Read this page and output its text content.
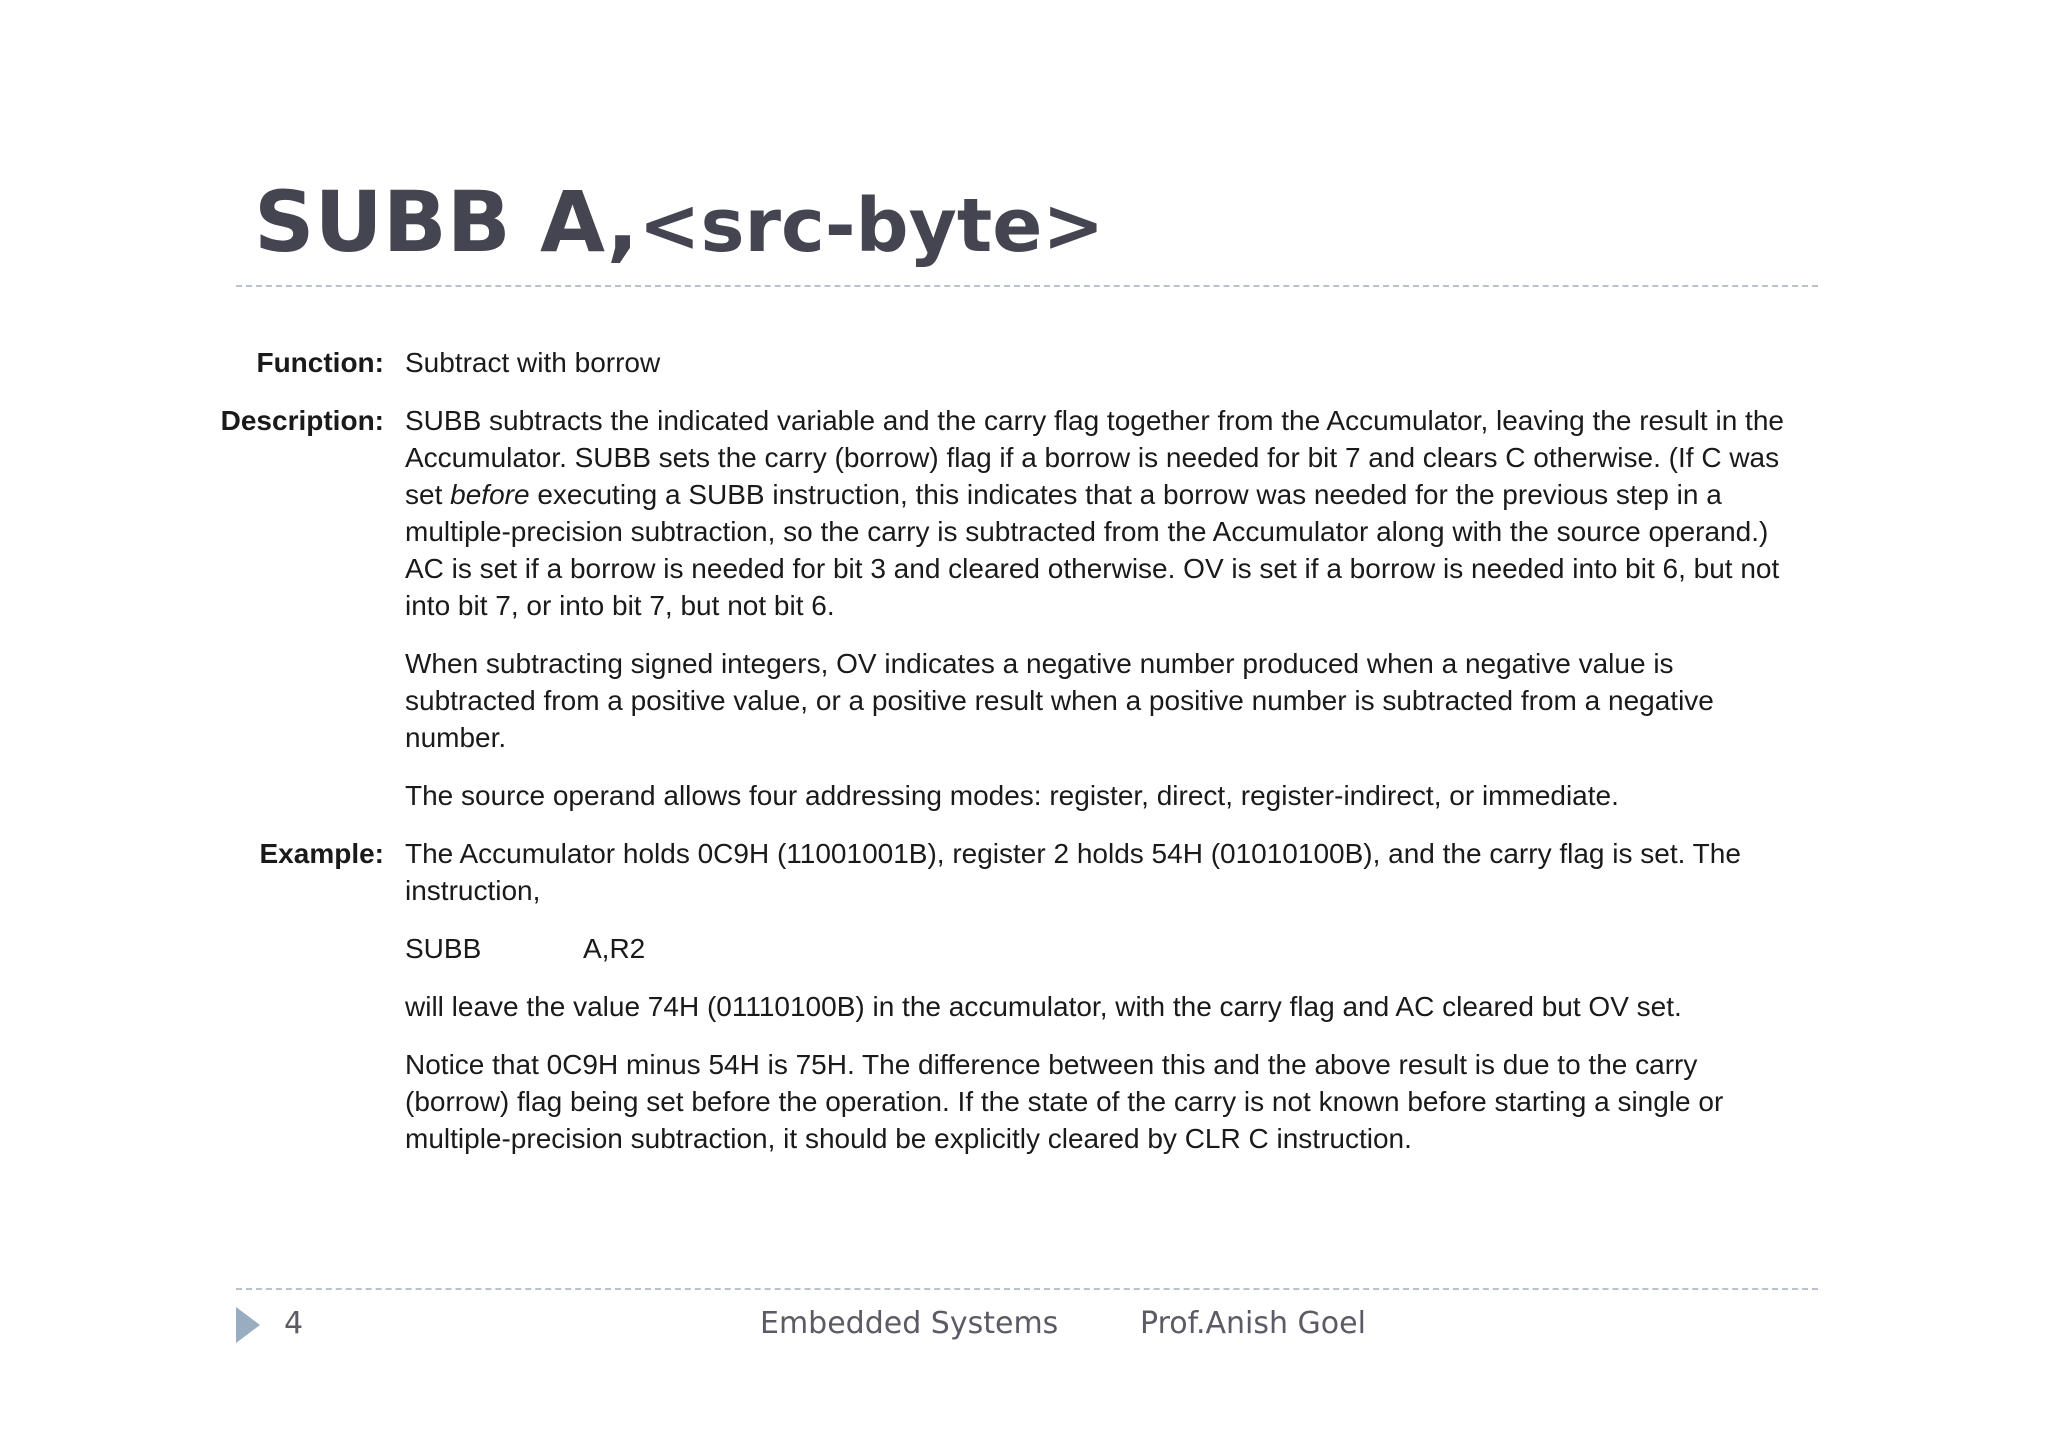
SUBB A,<src-byte>
Function: Subtract with borrow

Description: SUBB subtracts the indicated variable and the carry flag together from the Accumulator, leaving the result in the
Accumulator. SUBB sets the carry (borrow) flag if a borrow is needed for bit 7 and clears C otherwise. (If C was
set before executing a SUBB instruction, this indicates that a borrow was needed for the previous step in a
multiple-precision subtraction, so the carry is subtracted from the Accumulator along with the source operand.)
AC is set if a borrow is needed for bit 3 and cleared otherwise. OV is set if a borrow is needed into bit 6, but not
into bit 7, or into bit 7, but not bit 6.

When subtracting signed integers, OV indicates a negative number produced when a negative value is
subtracted from a positive value, or a positive result when a positive number is subtracted from a negative
number.

The source operand allows four addressing modes: register, direct, register-indirect, or immediate.

Example: The Accumulator holds 0C9H (11001001B), register 2 holds 54H (01010100B), and the carry flag is set. The
instruction,

SUBB	A,R2

will leave the value 74H (01110100B) in the accumulator, with the carry flag and AC cleared but OV set.

Notice that 0C9H minus 54H is 75H. The difference between this and the above result is due to the carry
(borrow) flag being set before the operation. If the state of the carry is not known before starting a single or
multiple-precision subtraction, it should be explicitly cleared by CLR C instruction.

4	Embedded Systems	Prof.Anish Goel
